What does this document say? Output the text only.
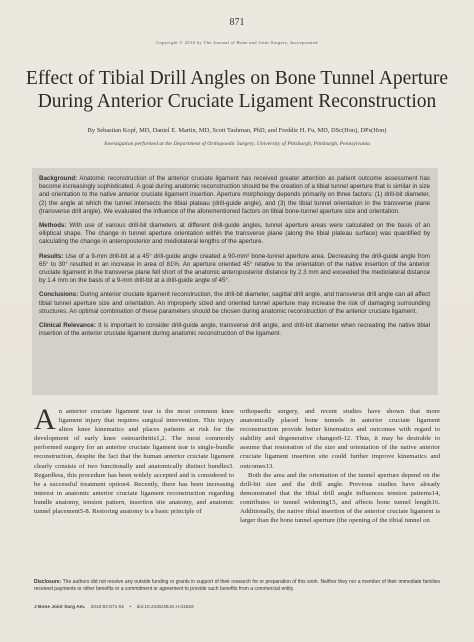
871
Copyright © 2010 by The Journal of Bone and Joint Surgery, Incorporated
Effect of Tibial Drill Angles on Bone Tunnel Aperture
During Anterior Cruciate Ligament Reconstruction
By Sebastian Kopf, MD, Daniel E. Martin, MD, Scott Tashman, PhD, and Freddie H. Fu, MD, DSc(Hon), DPs(Hon)
Investigation performed at the Department of Orthopaedic Surgery, University of Pittsburgh, Pittsburgh, Pennsylvania

Background: Anatomic reconstruction of the anterior cruciate ligament has received greater attention as patient outcome assessment has become increasingly sophisticated. A goal during anatomic reconstruction should be the creation of a tibial tunnel aperture that is similar in size and orientation to the native anterior cruciate ligament insertion. Aperture morphology depends primarily on three factors: (1) drill-bit diameter, (2) the angle at which the tunnel intersects the tibial plateau (drill-guide angle), and (3) the tibial tunnel orientation in the transverse plane (transverse drill angle). We evaluated the influence of the aforementioned factors on tibial bone-tunnel aperture size and orientation.

Methods: With use of various drill-bit diameters at different drill-guide angles, tunnel aperture areas were calculated on the basis of an elliptical shape. The change in tunnel aperture orientation within the transverse plane (along the tibial plateau surface) was quantified by calculating the change in anteroposterior and mediolateral lengths of the aperture.

Results: Use of a 9-mm drill-bit at a 45° drill-guide angle created a 90-mm² bone-tunnel aperture area. Decreasing the drill-guide angle from 65° to 30° resulted in an increase in area of 81%. An aperture oriented 45° relative to the orientation of the native insertion of the anterior cruciate ligament in the transverse plane fell short of the anatomic anteroposterior distance by 2.3 mm and exceeded the mediolateral distance by 1.4 mm on the basis of a 9-mm drill-bit at a drill-guide angle of 45°.

Conclusions: During anterior cruciate ligament reconstruction, the drill-bit diameter, sagittal drill angle, and transverse drill angle can all affect tibial tunnel aperture size and orientation. An improperly sized and oriented tunnel aperture may increase the risk of damaging surrounding structures. An optimal combination of these parameters should be chosen during anatomic reconstruction of the anterior cruciate ligament.

Clinical Relevance: It is important to consider drill-guide angle, transverse drill angle, and drill-bit diameter when recreating the native tibial insertion of the anterior cruciate ligament during anatomic reconstruction of the ligament.

A n anterior cruciate ligament tear is the most common knee ligament injury that requires surgical intervention. This injury alters knee kinematics and places patients at risk for the development of early knee osteoarthritis1,2. The most commonly performed surgery for an anterior cruciate ligament tear is single-bundle reconstruction, despite the fact that the human anterior cruciate ligament clearly consists of two functionally and anatomically distinct bundles3. Regardless, this procedure has been widely accepted and is considered to be a successful treatment option4. Recently, there has been increasing interest in anatomic anterior cruciate ligament reconstruction regarding bundle anatomy, tension pattern, insertion site anatomy, and anatomic tunnel placement5-8. Restoring anatomy is a basic principle of

orthopaedic surgery, and recent studies have shown that more anatomically placed bone tunnels in anterior cruciate ligament reconstruction provide better kinematics and outcomes with regard to stability and degenerative changes9-12. Thus, it may be desirable to assume that restoration of the size and orientation of the native anterior cruciate ligament insertion site could further improve kinematics and outcomes13.

Both the area and the orientation of the tunnel aperture depend on the drill-bit size and the drill angle. Previous studies have already demonstrated that the tibial drill angle influences tension patterns14, contributes to tunnel widening15, and affects bone tunnel length16. Additionally, the native tibial insertion of the anterior cruciate ligament is larger than the bone tunnel aperture (the opening of the tibial tunnel on

Disclosure: The authors did not receive any outside funding or grants in support of their research for or preparation of this work. Neither they nor a member of their immediate families received payments or other benefits or a commitment or agreement to provide such benefits from a commercial entity.
J Bone Joint Surg Am. 2010;92:871-81 • doi:10.2106/JBJS.H.01583
